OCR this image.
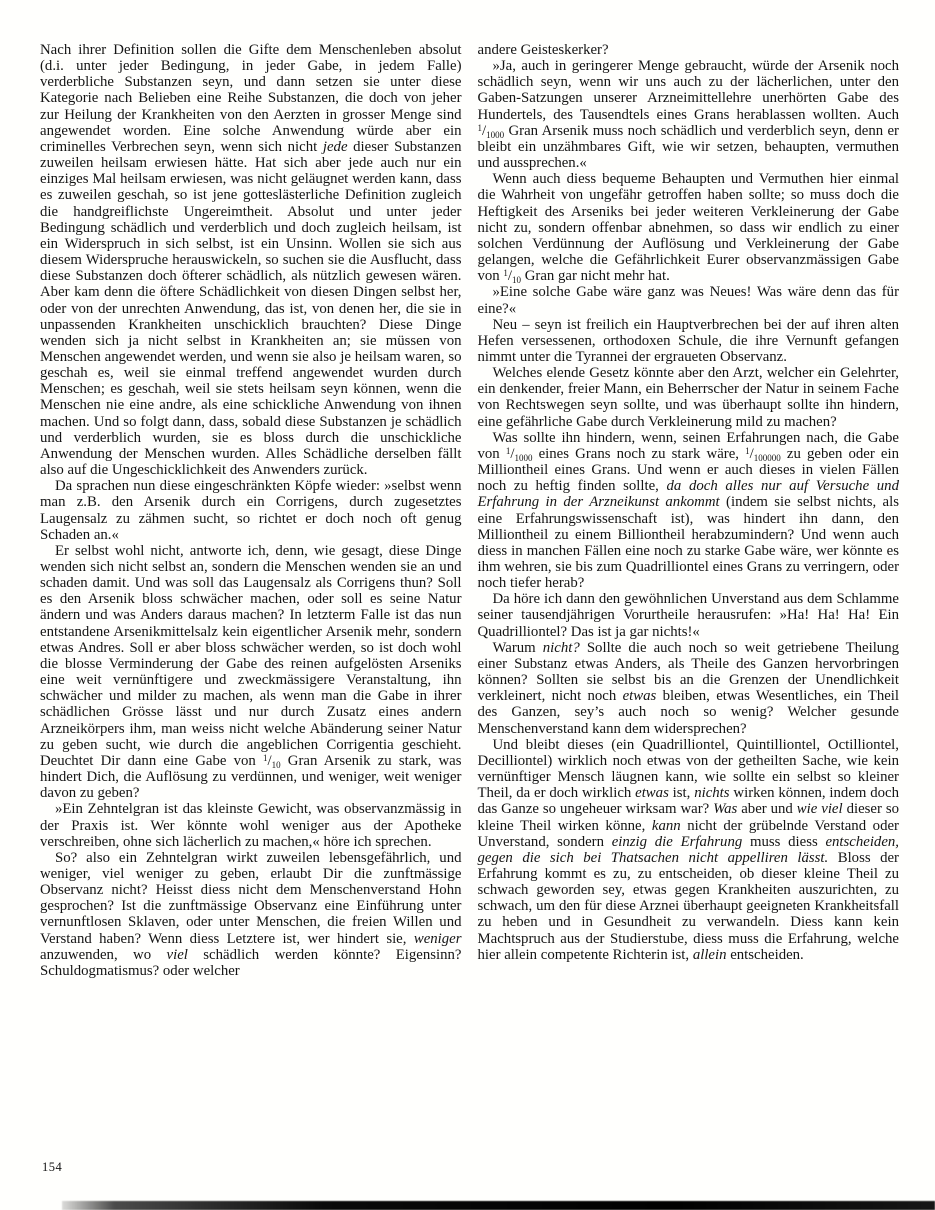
Nach ihrer Definition sollen die Gifte dem Menschenleben absolut (d.i. unter jeder Bedingung, in jeder Gabe, in jedem Falle) verderbliche Substanzen seyn, und dann setzen sie unter diese Kategorie nach Belieben eine Reihe Substanzen, die doch von jeher zur Heilung der Krankheiten von den Aerzten in grosser Menge sind angewendet worden. Eine solche Anwendung würde aber ein criminelles Verbrechen seyn, wenn sich nicht jede dieser Substanzen zuweilen heilsam erwiesen hätte. Hat sich aber jede auch nur ein einziges Mal heilsam erwiesen, was nicht geläugnet werden kann, dass es zuweilen geschah, so ist jene gotteslästerliche Definition zugleich die handgreiflichste Ungereimtheit. Absolut und unter jeder Bedingung schädlich und verderblich und doch zugleich heilsam, ist ein Widerspruch in sich selbst, ist ein Unsinn. Wollen sie sich aus diesem Widerspruche herauswickeln, so suchen sie die Ausflucht, dass diese Substanzen doch öfterer schädlich, als nützlich gewesen wären. Aber kam denn die öftere Schädlichkeit von diesen Dingen selbst her, oder von der unrechten Anwendung, das ist, von denen her, die sie in unpassenden Krankheiten unschicklich brauchten? Diese Dinge wenden sich ja nicht selbst in Krankheiten an; sie müssen von Menschen angewendet werden, und wenn sie also je heilsam waren, so geschah es, weil sie einmal treffend angewendet wurden durch Menschen; es geschah, weil sie stets heilsam seyn können, wenn die Menschen nie eine andre, als eine schickliche Anwendung von ihnen machen. Und so folgt dann, dass, sobald diese Substanzen je schädlich und verderblich wurden, sie es bloss durch die unschickliche Anwendung der Menschen wurden. Alles Schädliche derselben fällt also auf die Ungeschicklichkeit des Anwenders zurück.

Da sprachen nun diese eingeschränkten Köpfe wieder: »selbst wenn man z.B. den Arsenik durch ein Corrigens, durch zugesetztes Laugensalz zu zähmen sucht, so richtet er doch noch oft genug Schaden an.«

Er selbst wohl nicht, antworte ich, denn, wie gesagt, diese Dinge wenden sich nicht selbst an, sondern die Menschen wenden sie an und schaden damit. Und was soll das Laugensalz als Corrigens thun? Soll es den Arsenik bloss schwächer machen, oder soll es seine Natur ändern und was Anders daraus machen? In letzterm Falle ist das nun entstandene Arsenikmittelsalz kein eigentlicher Arsenik mehr, sondern etwas Andres. Soll er aber bloss schwächer werden, so ist doch wohl die blosse Verminderung der Gabe des reinen aufgelösten Arseniks eine weit vernünftigere und zweckmässigere Veranstaltung, ihn schwächer und milder zu machen, als wenn man die Gabe in ihrer schädlichen Grösse lässt und nur durch Zusatz eines andern Arzneikörpers ihm, man weiss nicht welche Abänderung seiner Natur zu geben sucht, wie durch die angeblichen Corrigentia geschieht. Deuchtet Dir dann eine Gabe von $^1/_{10}$ Gran Arsenik zu stark, was hindert Dich, die Auflösung zu verdünnen, und weniger, weit weniger davon zu geben?

»Ein Zehntelgran ist das kleinste Gewicht, was observanzmässig in der Praxis ist. Wer könnte wohl weniger aus der Apotheke verschreiben, ohne sich lächerlich zu machen,« höre ich sprechen.

So? also ein Zehntelgran wirkt zuweilen lebensgefährlich, und weniger, viel weniger zu geben, erlaubt Dir die zunftmässige Observanz nicht? Heisst diess nicht dem Menschenverstand Hohn gesprochen? Ist die zunftmässige Observanz eine Einführung unter vernunftlosen Sklaven, oder unter Menschen, die freien Willen und Verstand haben? Wenn diess Letztere ist, wer hindert sie, weniger anzuwenden, wo viel schädlich werden könnte? Eigensinn? Schuldogmatismus? oder welcher

andere Geisteskerker?

»Ja, auch in geringerer Menge gebraucht, würde der Arsenik noch schädlich seyn, wenn wir uns auch zu der lächerlichen, unter den Gaben-Satzungen unserer Arzneimittellehre unerhörten Gabe des Hundertels, des Tausendtels eines Grans herablassen wollten. Auch $^1/_{1000}$ Gran Arsenik muss noch schädlich und verderblich seyn, denn er bleibt ein unzähmbares Gift, wie wir setzen, behaupten, vermuthen und aussprechen.«

Wenn auch diess bequeme Behaupten und Vermuthen hier einmal die Wahrheit von ungefähr getroffen haben sollte; so muss doch die Heftigkeit des Arseniks bei jeder weiteren Verkleinerung der Gabe nicht zu, sondern offenbar abnehmen, so dass wir endlich zu einer solchen Verdünnung der Auflösung und Verkleinerung der Gabe gelangen, welche die Gefährlichkeit Eurer observanzmässigen Gabe von $^1/_{10}$ Gran gar nicht mehr hat.

»Eine solche Gabe wäre ganz was Neues! Was wäre denn das für eine?«

Neu – seyn ist freilich ein Hauptverbrechen bei der auf ihren alten Hefen versessenen, orthodoxen Schule, die ihre Vernunft gefangen nimmt unter die Tyrannei der ergraueten Observanz.

Welches elende Gesetz könnte aber den Arzt, welcher ein Gelehrter, ein denkender, freier Mann, ein Beherrscher der Natur in seinem Fache von Rechtswegen seyn sollte, und was überhaupt sollte ihn hindern, eine gefährliche Gabe durch Verkleinerung mild zu machen?

Was sollte ihn hindern, wenn, seinen Erfahrungen nach, die Gabe von $^1/_{1000}$ eines Grans noch zu stark wäre, $^1/_{100000}$ zu geben oder ein Milliontheil eines Grans. Und wenn er auch dieses in vielen Fällen noch zu heftig finden sollte, da doch alles nur auf Versuche und Erfahrung in der Arzneikunst ankommt (indem sie selbst nichts, als eine Erfahrungswissenschaft ist), was hindert ihn dann, den Milliontheil zu einem Billiontheil herabzumindern? Und wenn auch diess in manchen Fällen eine noch zu starke Gabe wäre, wer könnte es ihm wehren, sie bis zum Quadrilliontel eines Grans zu verringern, oder noch tiefer herab?

Da höre ich dann den gewöhnlichen Unverstand aus dem Schlamme seiner tausendjährigen Vorurtheile herausrufen: »Ha! Ha! Ha! Ein Quadrilliontel? Das ist ja gar nichts!«

Warum nicht? Sollte die auch noch so weit getriebene Theilung einer Substanz etwas Anders, als Theile des Ganzen hervorbringen können? Sollten sie selbst bis an die Grenzen der Unendlichkeit verkleinert, nicht noch etwas bleiben, etwas Wesentliches, ein Theil des Ganzen, sey’s auch noch so wenig? Welcher gesunde Menschenverstand kann dem widersprechen?

Und bleibt dieses (ein Quadrilliontel, Quintilliontel, Octilliontel, Decilliontel) wirklich noch etwas von der getheilten Sache, wie kein vernünftiger Mensch läugnen kann, wie sollte ein selbst so kleiner Theil, da er doch wirklich etwas ist, nichts wirken können, indem doch das Ganze so ungeheuer wirksam war? Was aber und wie viel dieser so kleine Theil wirken könne, kann nicht der grübelnde Verstand oder Unverstand, sondern einzig die Erfahrung muss diess entscheiden, gegen die sich bei Thatsachen nicht appelliren lässt. Bloss der Erfahrung kommt es zu, zu entscheiden, ob dieser kleine Theil zu schwach geworden sey, etwas gegen Krankheiten auszurichten, zu schwach, um den für diese Arznei überhaupt geeigneten Krankheitsfall zu heben und in Gesundheit zu verwandeln. Diess kann kein Machtspruch aus der Studierstube, diess muss die Erfahrung, welche hier allein competente Richterin ist, allein entscheiden.

154
